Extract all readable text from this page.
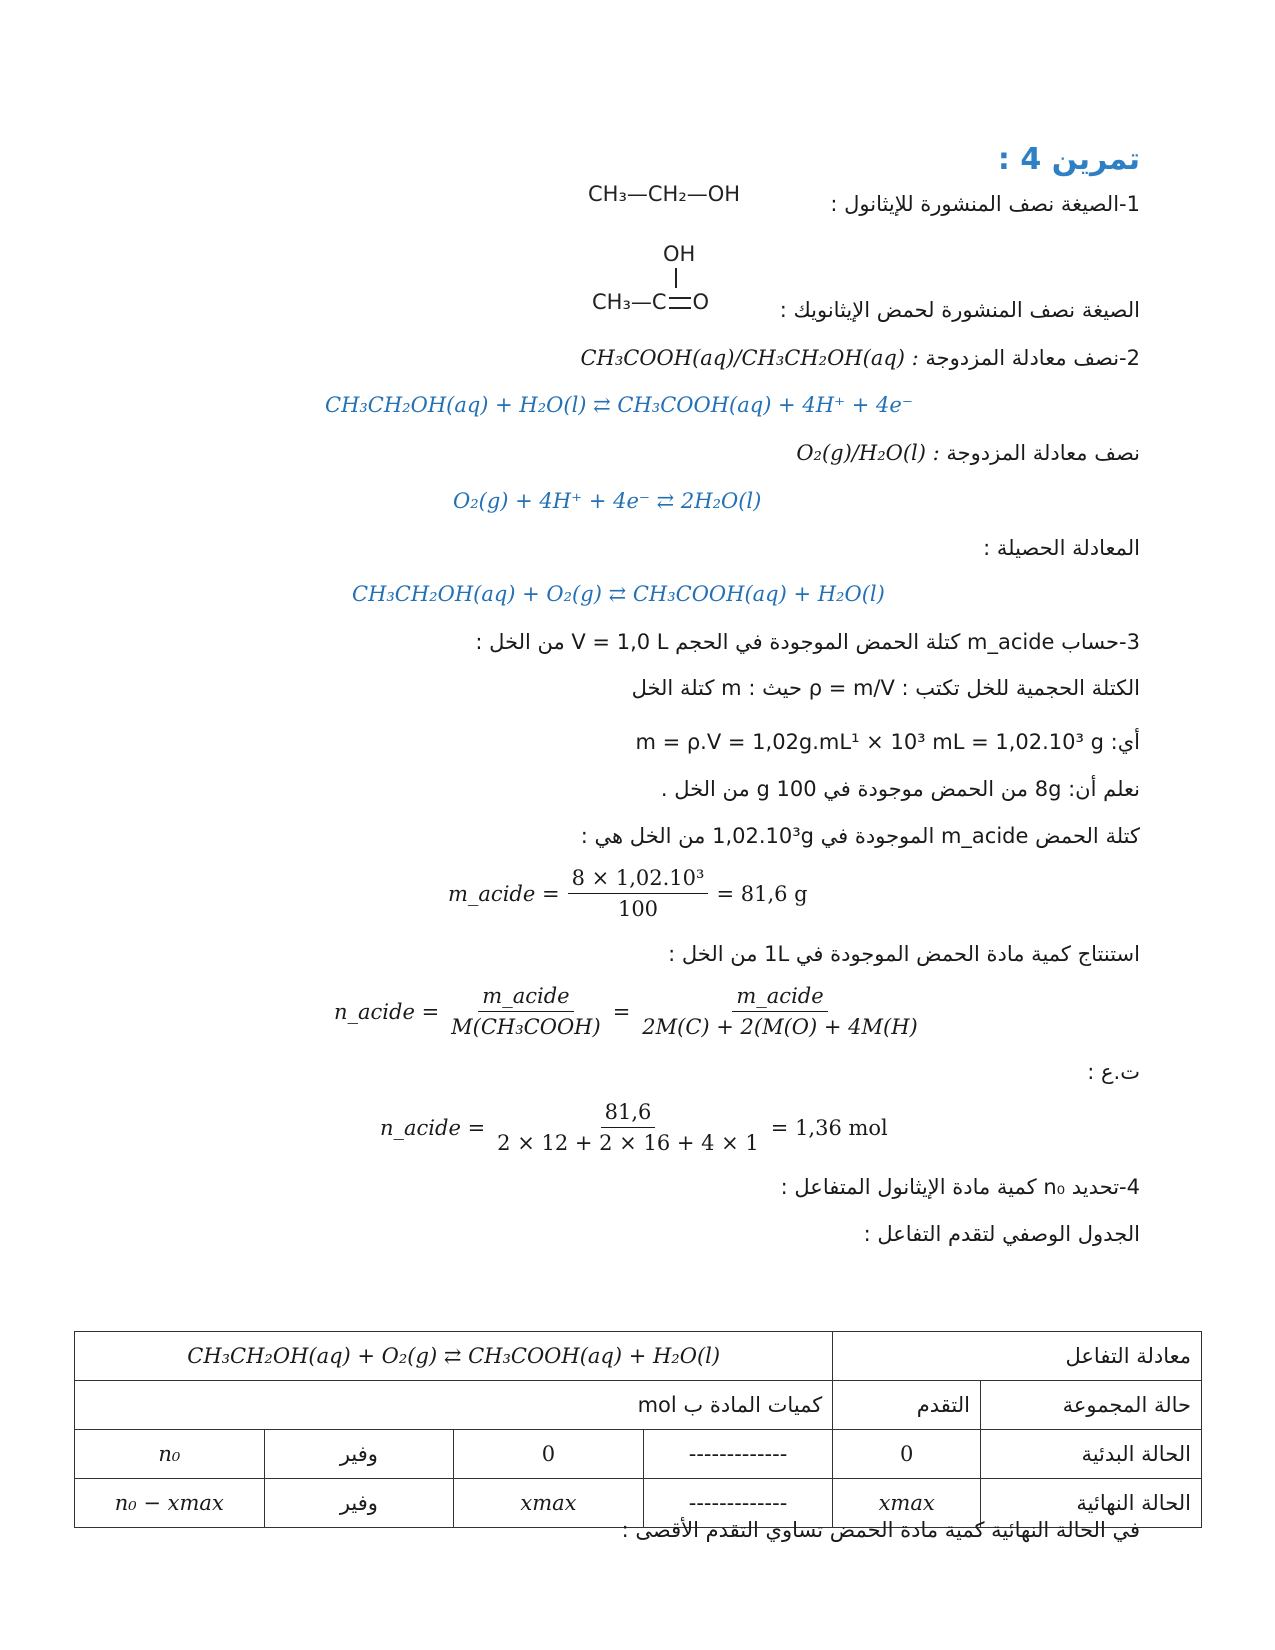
تمرين 4 :
1-الصيغة نصف المنشورة للإيثانول :
CH₃—CH₂—OH
OH
CH₃—C O	الصيغة نصف المنشورة لحمض الإيثانويك :
2-نصف معادلة المزدوجة CH₃COOH(aq)/CH₃CH₂OH(aq) :
CH₃CH₂OH(aq) + H₂O(l) ⇄ CH₃COOH(aq) + 4H⁺ + 4e⁻
نصف معادلة المزدوجة O₂(g)/H₂O(l) :
O₂(g) + 4H⁺ + 4e⁻ ⇄ 2H₂O(l)
المعادلة الحصيلة :
CH₃CH₂OH(aq) + O₂(g) ⇄ CH₃COOH(aq) + H₂O(l)
3-حساب m_acide كتلة الحمض الموجودة في الحجم V = 1,0 L من الخل :
الكتلة الحجمية للخل تكتب : ρ = m/V حيث : m كتلة الخل
أي: m = ρ.V = 1,02g.mL¹ × 10³ mL = 1,02.10³ g
نعلم أن: 8g من الحمض موجودة في 100 g من الخل .
كتلة الحمض m_acide الموجودة في 1,02.10³g من الخل هي :
m_acide = $\frac{\text{8 × 1,02.10³}}{100} = 81,6$ g
استنتاج كمية مادة الحمض الموجودة في 1L من الخل :
n_acide = $\frac{\text{m\_acide}}{\text{M(CH₃COOH)}} = \frac{\text{m\_acide}}{2M(C) + 2(M(O) + 4M(H)}$
ت.ع :
n_acide = $\frac{81,6}{2 \times 12 + 2 \times 16 + 4 \times 1} = 1,36$ mol
4-تحديد n₀ كمية مادة الإيثانول المتفاعل :
الجدول الوصفي لتقدم التفاعل :
CH₃CH₂OH(aq) + O₂(g) ⇄ CH₃COOH(aq) + H₂O(l)				معادلة التفاعل	
كميات المادة ب mol				التقدم	حالة المجموعة
n₀	وفير	0	-------------	0	الحالة البدئية
n₀ − xmax	وفير	xmax	-------------	xmax	الحالة النهائية
في الحالة النهائية كمية مادة الحمض تساوي التقدم الأقصى :
